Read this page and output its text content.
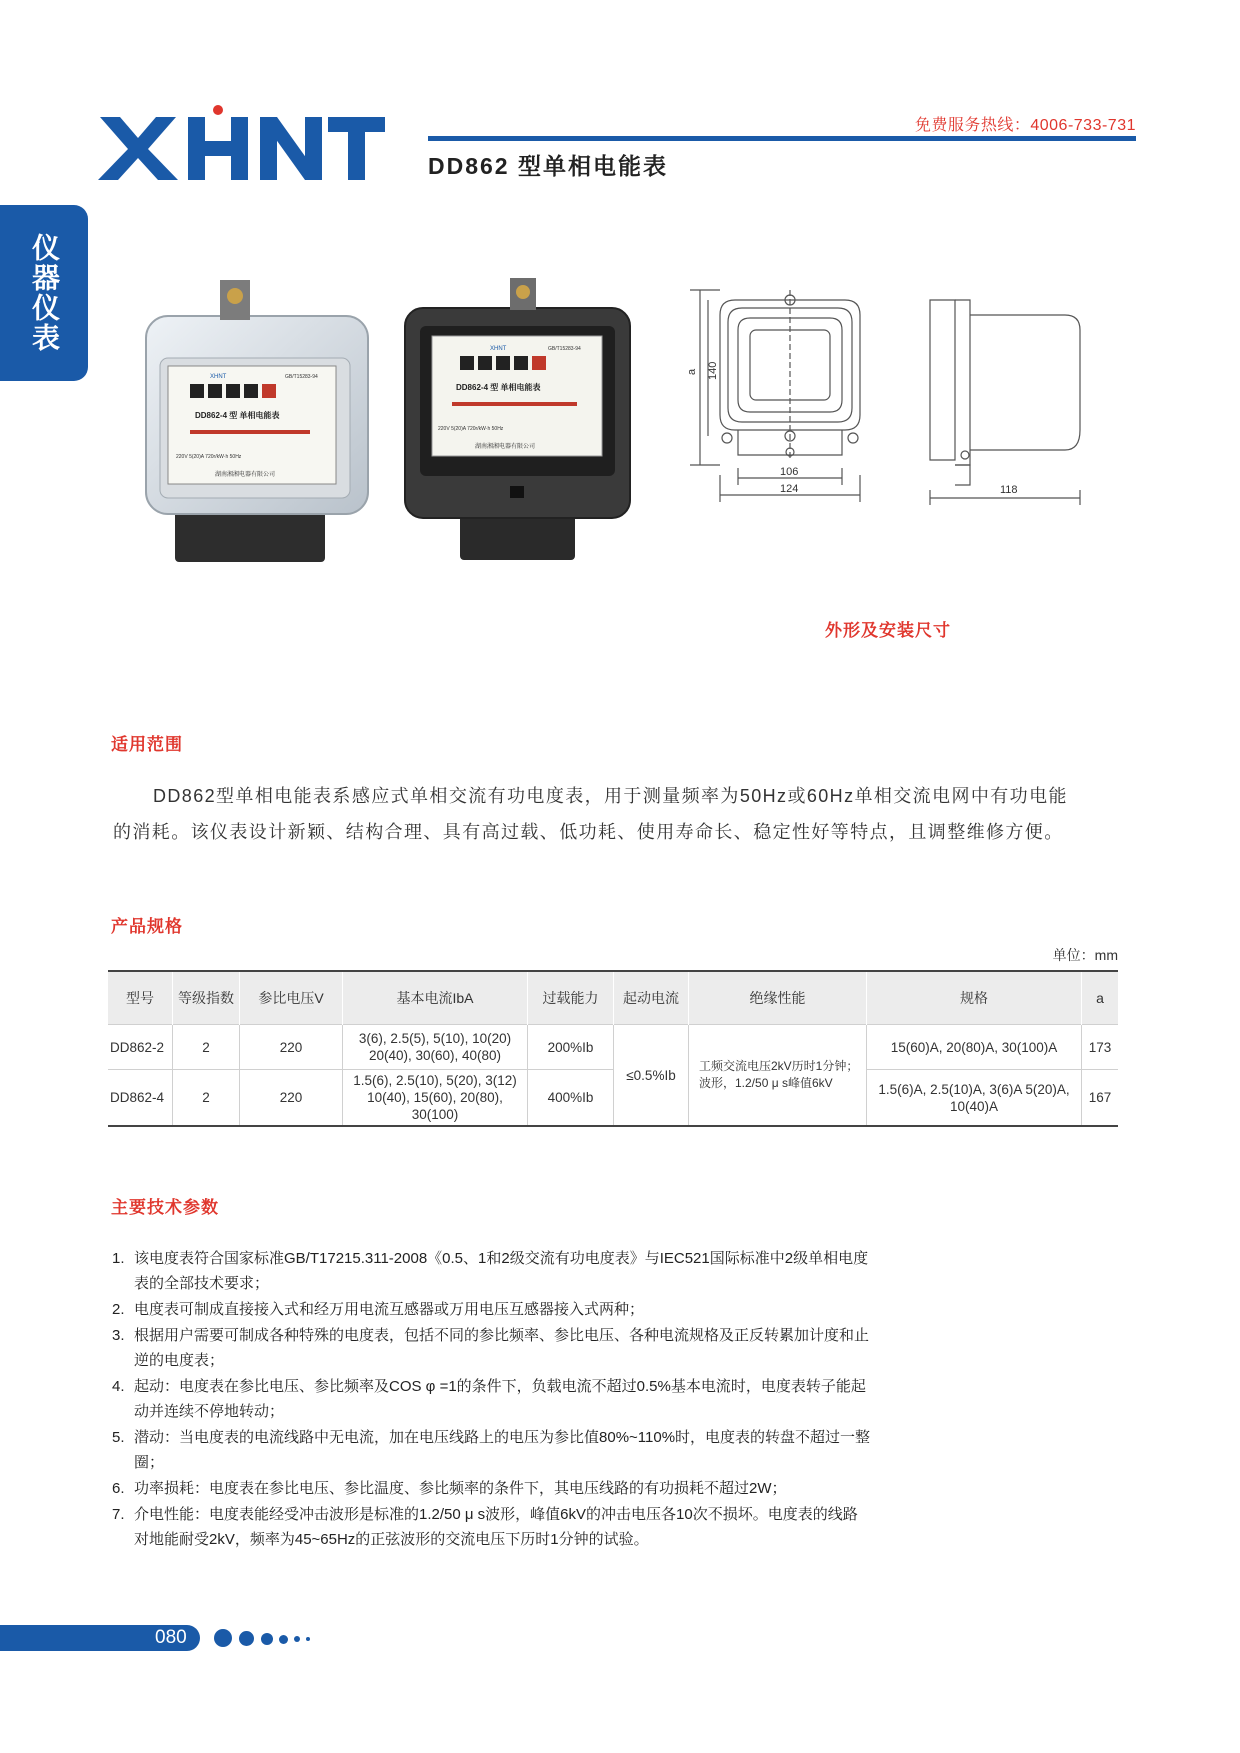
XHNT
免费服务热线：4006-733-731
DD862 型单相电能表
仪器仪表
XHNT	GB/T15283-94
DD862-4 型 单相电能表
220V 5(20)A 720r/kW·h 50Hz
湖南湘湘电器有限公司
XHNT	GB/T15283-94
DD862-4 型 单相电能表
220V 5(20)A 720r/kW·h 50Hz
湖南湘湘电器有限公司
a 140
106
124	118
外形及安装尺寸
适用范围

DD862型单相电能表系感应式单相交流有功电度表，用于测量频率为50Hz或60Hz单相交流电网中有功电能的消耗。该仪表设计新颖、结构合理、具有高过载、低功耗、使用寿命长、稳定性好等特点，且调整维修方便。

产品规格
单位：mm
型号	等级指数	参比电压V	基本电流IbA	过载能力	起动电流	绝缘性能	规格	a
DD862-2	2	220	3(6), 2.5(5), 5(10), 10(20) 20(40), 30(60), 40(80)	200%Ib	≤0.5%Ib	工频交流电压2kV历时1分钟；波形，1.2/50 μ s峰值6kV	15(60)A, 20(80)A, 30(100)A	173
DD862-4	2	220	1.5(6), 2.5(10), 5(20), 3(12) 10(40), 15(60), 20(80), 30(100)	400%Ib			1.5(6)A, 2.5(10)A, 3(6)A 5(20)A, 10(40)A	167
主要技术参数
1. 该电度表符合国家标准GB/T17215.311-2008《0.5、1和2级交流有功电度表》与IEC521国际标准中2级单相电度表的全部技术要求；
2. 电度表可制成直接接入式和经万用电流互感器或万用电压互感器接入式两种；
3. 根据用户需要可制成各种特殊的电度表，包括不同的参比频率、参比电压、各种电流规格及正反转累加计度和止逆的电度表；
4. 起动：电度表在参比电压、参比频率及COS φ =1的条件下，负载电流不超过0.5%基本电流时，电度表转子能起动并连续不停地转动；
5. 潜动：当电度表的电流线路中无电流，加在电压线路上的电压为参比值80%~110%时，电度表的转盘不超过一整圈；
6. 功率损耗：电度表在参比电压、参比温度、参比频率的条件下，其电压线路的有功损耗不超过2W；
7. 介电性能：电度表能经受冲击波形是标准的1.2/50 μ s波形，峰值6kV的冲击电压各10次不损坏。电度表的线路对地能耐受2kV，频率为45~65Hz的正弦波形的交流电压下历时1分钟的试验。
080
